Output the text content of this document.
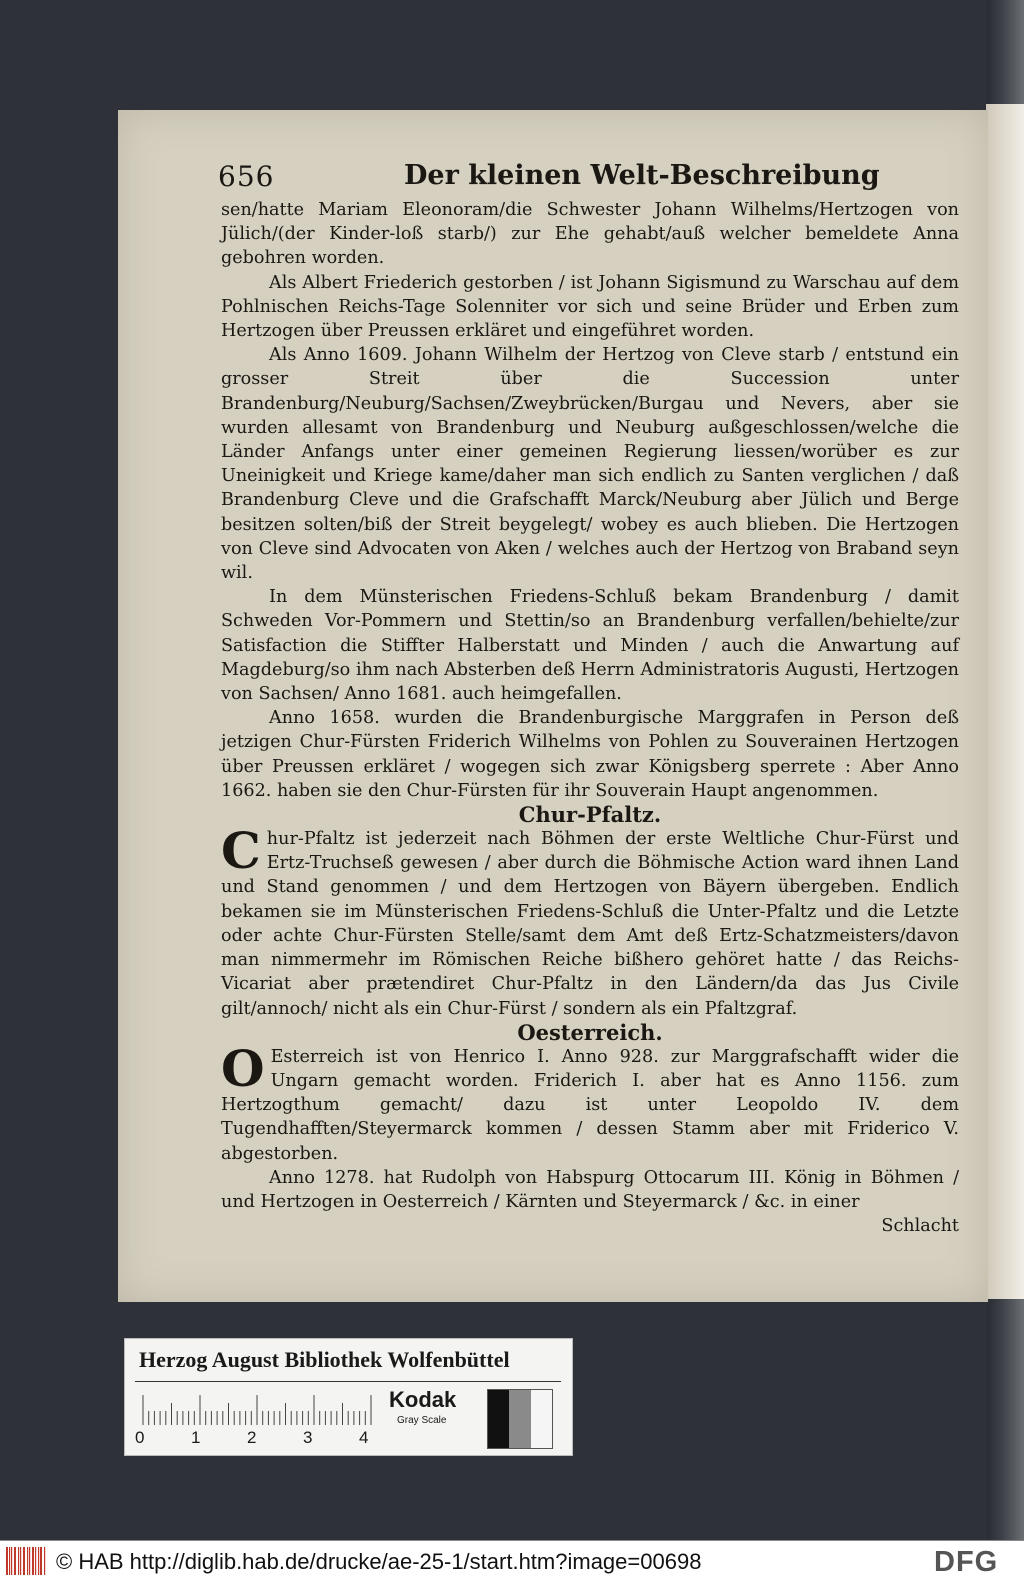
656	Der kleinen Welt-Beschreibung

sen/hatte Mariam Eleonoram/die Schwester Johann Wilhelms/Hertzogen von Jülich/(der Kinder-loß starb/) zur Ehe gehabt/auß welcher bemeldete Anna gebohren worden.

Als Albert Friederich gestorben / ist Johann Sigismund zu Warschau auf dem Pohlnischen Reichs-Tage Solenniter vor sich und seine Brüder und Erben zum Hertzogen über Preussen erkläret und eingeführet worden.

Als Anno 1609. Johann Wilhelm der Hertzog von Cleve starb / entstund ein grosser Streit über die Succession unter Brandenburg/Neuburg/Sachsen/Zweybrücken/Burgau und Nevers, aber sie wurden allesamt von Brandenburg und Neuburg außgeschlossen/welche die Länder Anfangs unter einer gemeinen Regierung liessen/worüber es zur Uneinigkeit und Kriege kame/daher man sich endlich zu Santen verglichen / daß Brandenburg Cleve und die Grafschafft Marck/Neuburg aber Jülich und Berge besitzen solten/biß der Streit beygelegt/ wobey es auch blieben. Die Hertzogen von Cleve sind Advocaten von Aken / welches auch der Hertzog von Braband seyn wil.

In dem Münsterischen Friedens-Schluß bekam Brandenburg / damit Schweden Vor-Pommern und Stettin/so an Brandenburg verfallen/behielte/zur Satisfaction die Stiffter Halberstatt und Minden / auch die Anwartung auf Magdeburg/so ihm nach Absterben deß Herrn Administratoris Augusti, Hertzogen von Sachsen/ Anno 1681. auch heimgefallen.

Anno 1658. wurden die Brandenburgische Marggrafen in Person deß jetzigen Chur-Fürsten Friderich Wilhelms von Pohlen zu Souverainen Hertzogen über Preussen erkläret / wogegen sich zwar Königsberg sperrete : Aber Anno 1662. haben sie den Chur-Fürsten für ihr Souverain Haupt angenommen.

Chur-Pfaltz.

Chur-Pfaltz ist jederzeit nach Böhmen der erste Weltliche Chur-Fürst und Ertz-Truchseß gewesen / aber durch die Böhmische Action ward ihnen Land und Stand genommen / und dem Hertzogen von Bäyern übergeben. Endlich bekamen sie im Münsterischen Friedens-Schluß die Unter-Pfaltz und die Letzte oder achte Chur-Fürsten Stelle/samt dem Amt deß Ertz-Schatzmeisters/davon man nimmermehr im Römischen Reiche bißhero gehöret hatte / das Reichs-Vicariat aber prætendiret Chur-Pfaltz in den Ländern/da das Jus Civile gilt/annoch/ nicht als ein Chur-Fürst / sondern als ein Pfaltzgraf.

Oesterreich.

O Esterreich ist von Henrico I. Anno 928. zur Marggrafschafft wider die Ungarn gemacht worden. Friderich I. aber hat es Anno 1156. zum Hertzogthum gemacht/ dazu ist unter Leopoldo IV. dem Tugendhafften/Steyermarck kommen / dessen Stamm aber mit Friderico V. abgestorben.

Anno 1278. hat Rudolph von Habspurg Ottocarum III. König in Böhmen / und Hertzogen in Oesterreich / Kärnten und Steyermarck / &c. in einer

Schlacht

Herzog August Bibliothek Wolfenbüttel
0	1	2	3	4
Kodak
Gray Scale
© HAB http://diglib.hab.de/drucke/ae-25-1/start.htm?image=00698	DFG
